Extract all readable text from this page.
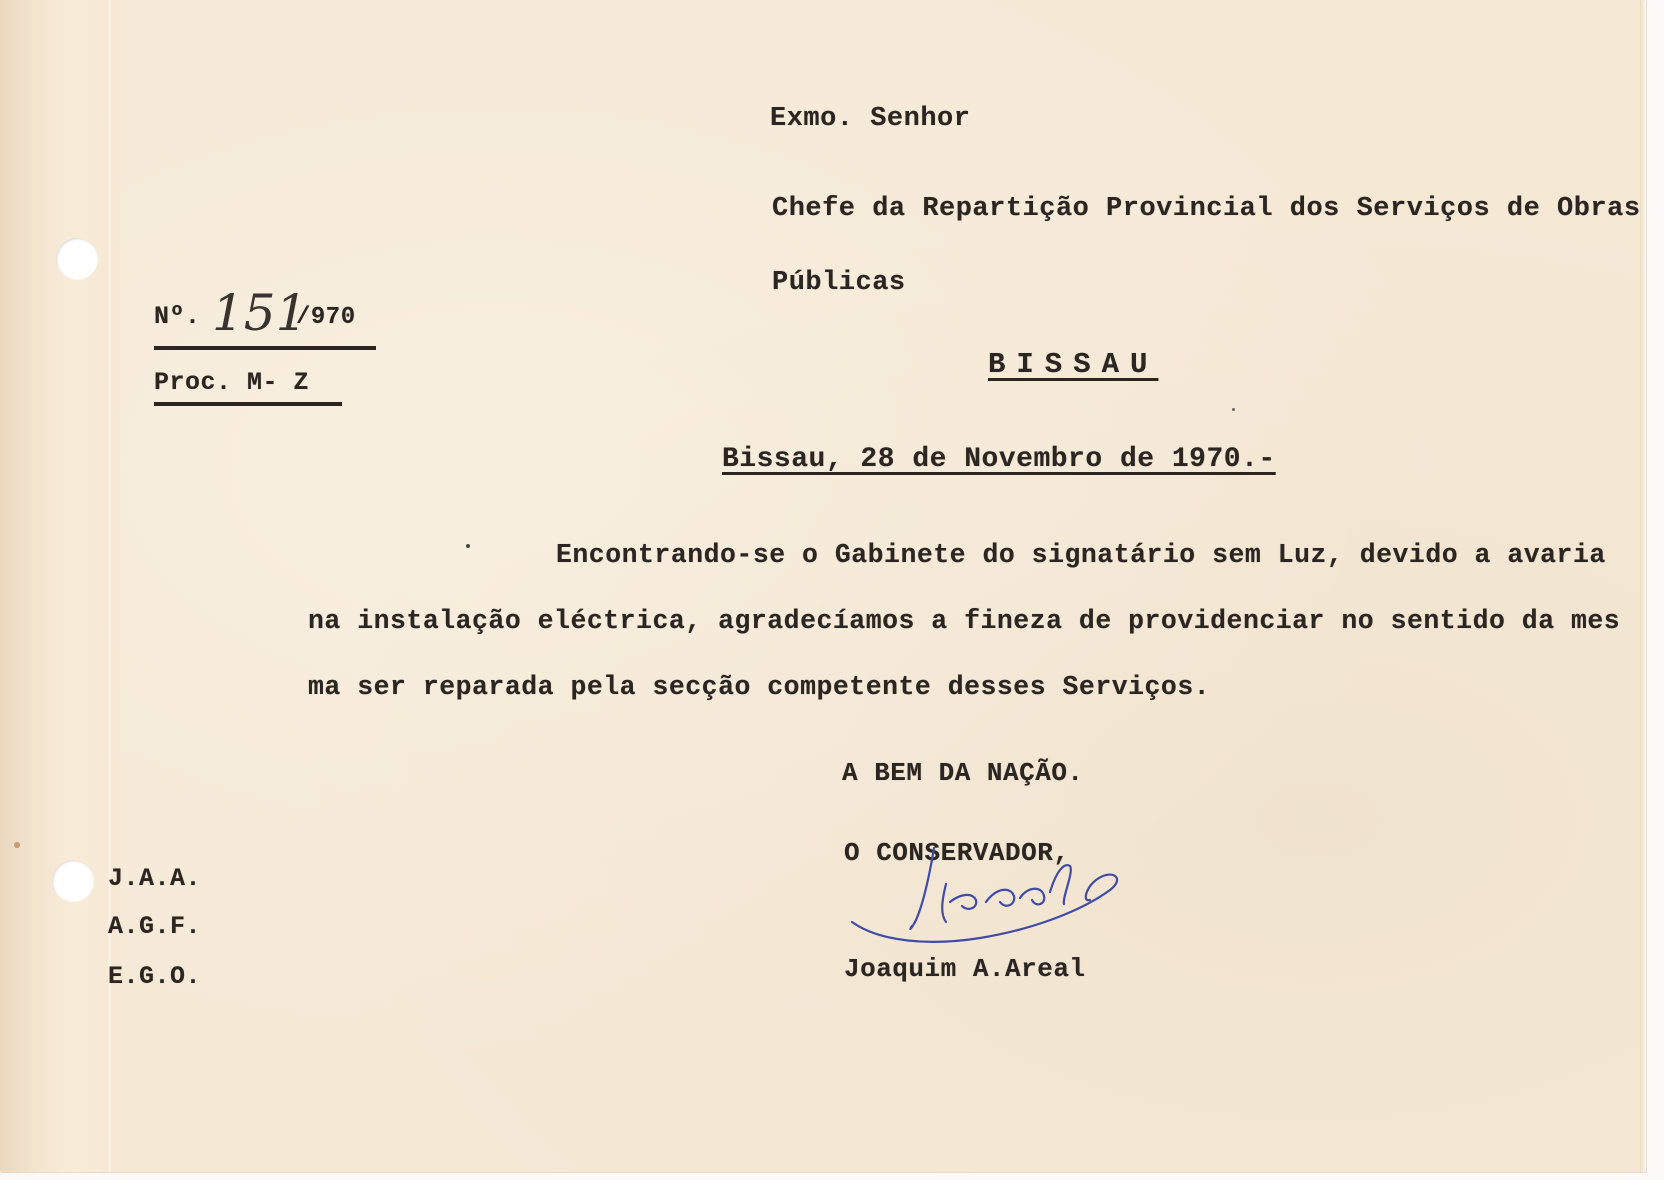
Exmo. Senhor
Chefe da Repartição Provincial dos Serviços de Obras
Públicas
BISSAU
Nº. 151
/970
Proc. M- Z
Bissau, 28 de Novembro de 1970.-
Encontrando-se o Gabinete do signatário sem Luz, devido a avaria
na instalação eléctrica, agradecíamos a fineza de providenciar no sentido da mes
ma ser reparada pela secção competente desses Serviços.
A BEM DA NAÇÃO.
O CONSERVADOR,
Joaquim A.Areal
J.A.A.
A.G.F.
E.G.O.
